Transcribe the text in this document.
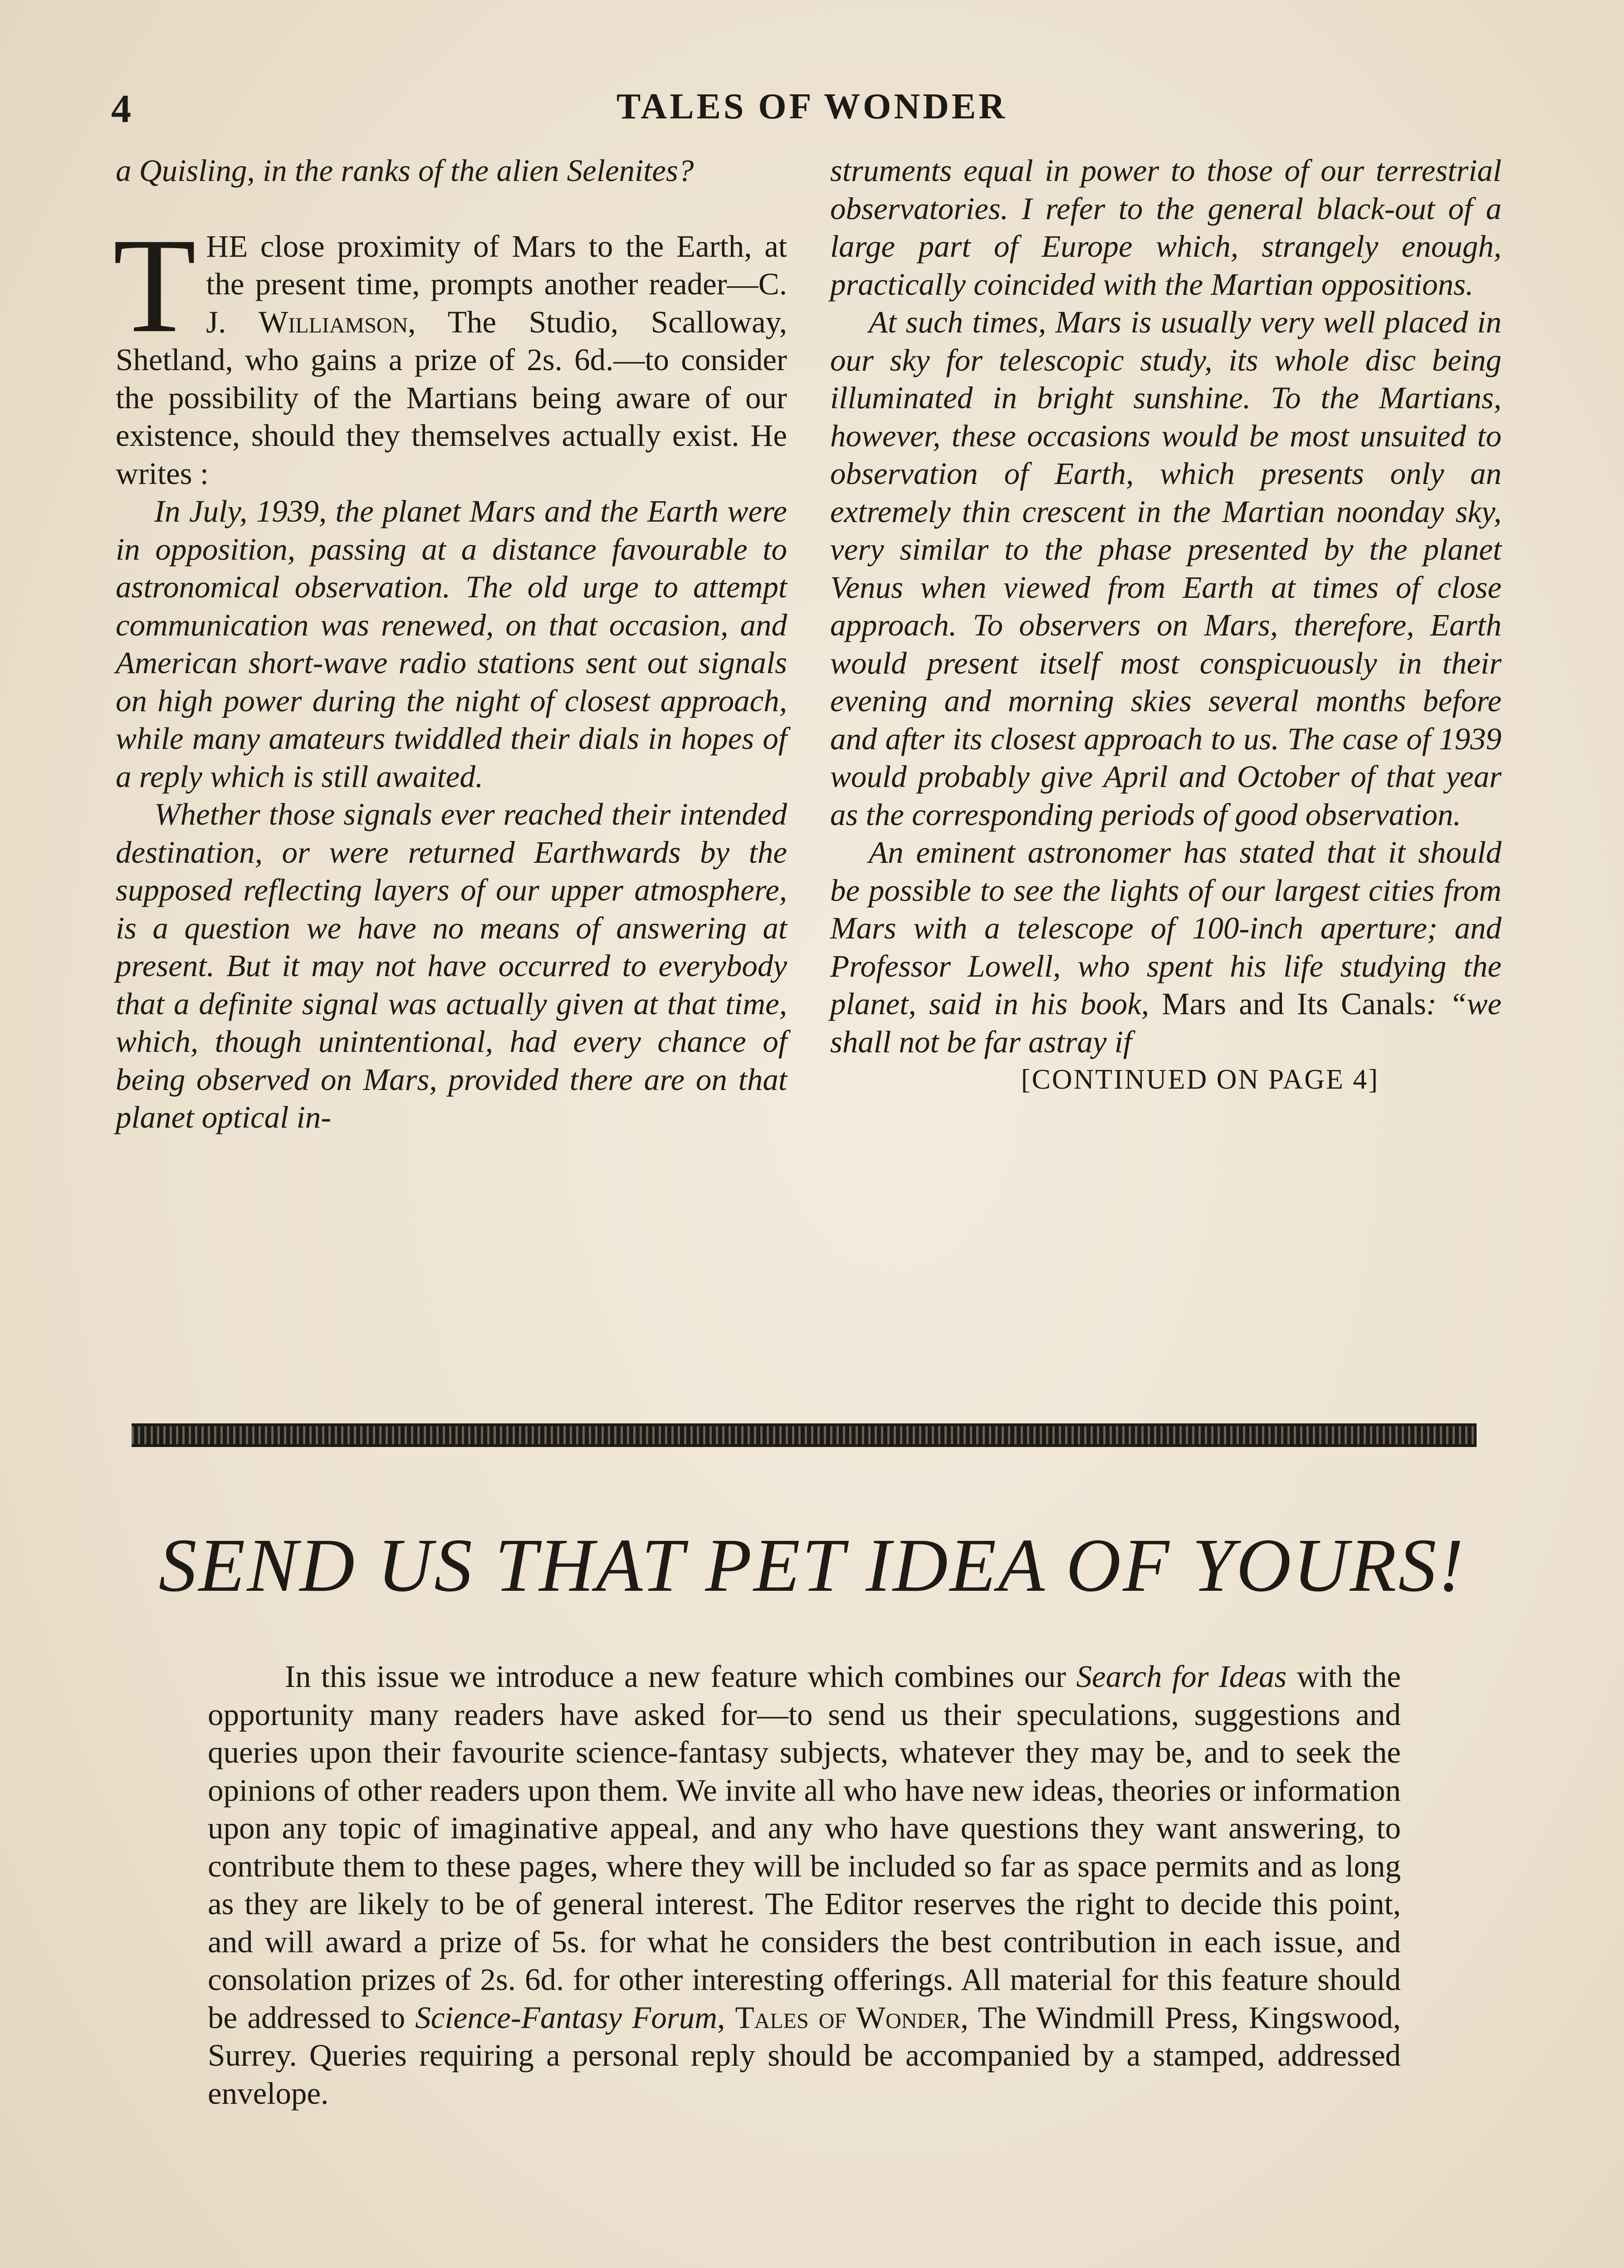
4	TALES OF WONDER

a Quisling, in the ranks of the alien Selenites?

THE close proximity of Mars to the Earth, at the present time, prompts another reader—C. J. Williamson, The Studio, Scalloway, Shetland, who gains a prize of 2s. 6d.—to consider the possibility of the Martians being aware of our existence, should they themselves actually exist. He writes :

In July, 1939, the planet Mars and the Earth were in opposition, passing at a distance favourable to astronomical observation. The old urge to attempt communication was renewed, on that occasion, and American short-wave radio stations sent out signals on high power during the night of closest approach, while many amateurs twiddled their dials in hopes of a reply which is still awaited.

Whether those signals ever reached their intended destination, or were returned Earthwards by the supposed reflecting layers of our upper atmosphere, is a question we have no means of answering at present. But it may not have occurred to everybody that a definite signal was actually given at that time, which, though unintentional, had every chance of being observed on Mars, provided there are on that planet optical in-

struments equal in power to those of our terrestrial observatories. I refer to the general black-out of a large part of Europe which, strangely enough, practically coincided with the Martian oppositions.

At such times, Mars is usually very well placed in our sky for telescopic study, its whole disc being illuminated in bright sunshine. To the Martians, however, these occasions would be most unsuited to observation of Earth, which presents only an extremely thin crescent in the Martian noonday sky, very similar to the phase presented by the planet Venus when viewed from Earth at times of close approach. To observers on Mars, therefore, Earth would present itself most conspicuously in their evening and morning skies several months before and after its closest approach to us. The case of 1939 would probably give April and October of that year as the corresponding periods of good observation.

An eminent astronomer has stated that it should be possible to see the lights of our largest cities from Mars with a telescope of 100-inch aperture; and Professor Lowell, who spent his life studying the planet, said in his book, Mars and Its Canals: “we shall not be far astray if

[CONTINUED ON PAGE 4]

SEND US THAT PET IDEA OF YOURS!

In this issue we introduce a new feature which combines our Search for Ideas with the opportunity many readers have asked for—to send us their speculations, suggestions and queries upon their favourite science-fantasy subjects, whatever they may be, and to seek the opinions of other readers upon them. We invite all who have new ideas, theories or information upon any topic of imaginative appeal, and any who have questions they want answering, to contribute them to these pages, where they will be included so far as space permits and as long as they are likely to be of general interest. The Editor reserves the right to decide this point, and will award a prize of 5s. for what he considers the best contribution in each issue, and consolation prizes of 2s. 6d. for other interesting offerings. All material for this feature should be addressed to Science-Fantasy Forum, Tales of Wonder, The Windmill Press, Kingswood, Surrey. Queries requiring a personal reply should be accompanied by a stamped, addressed envelope.
